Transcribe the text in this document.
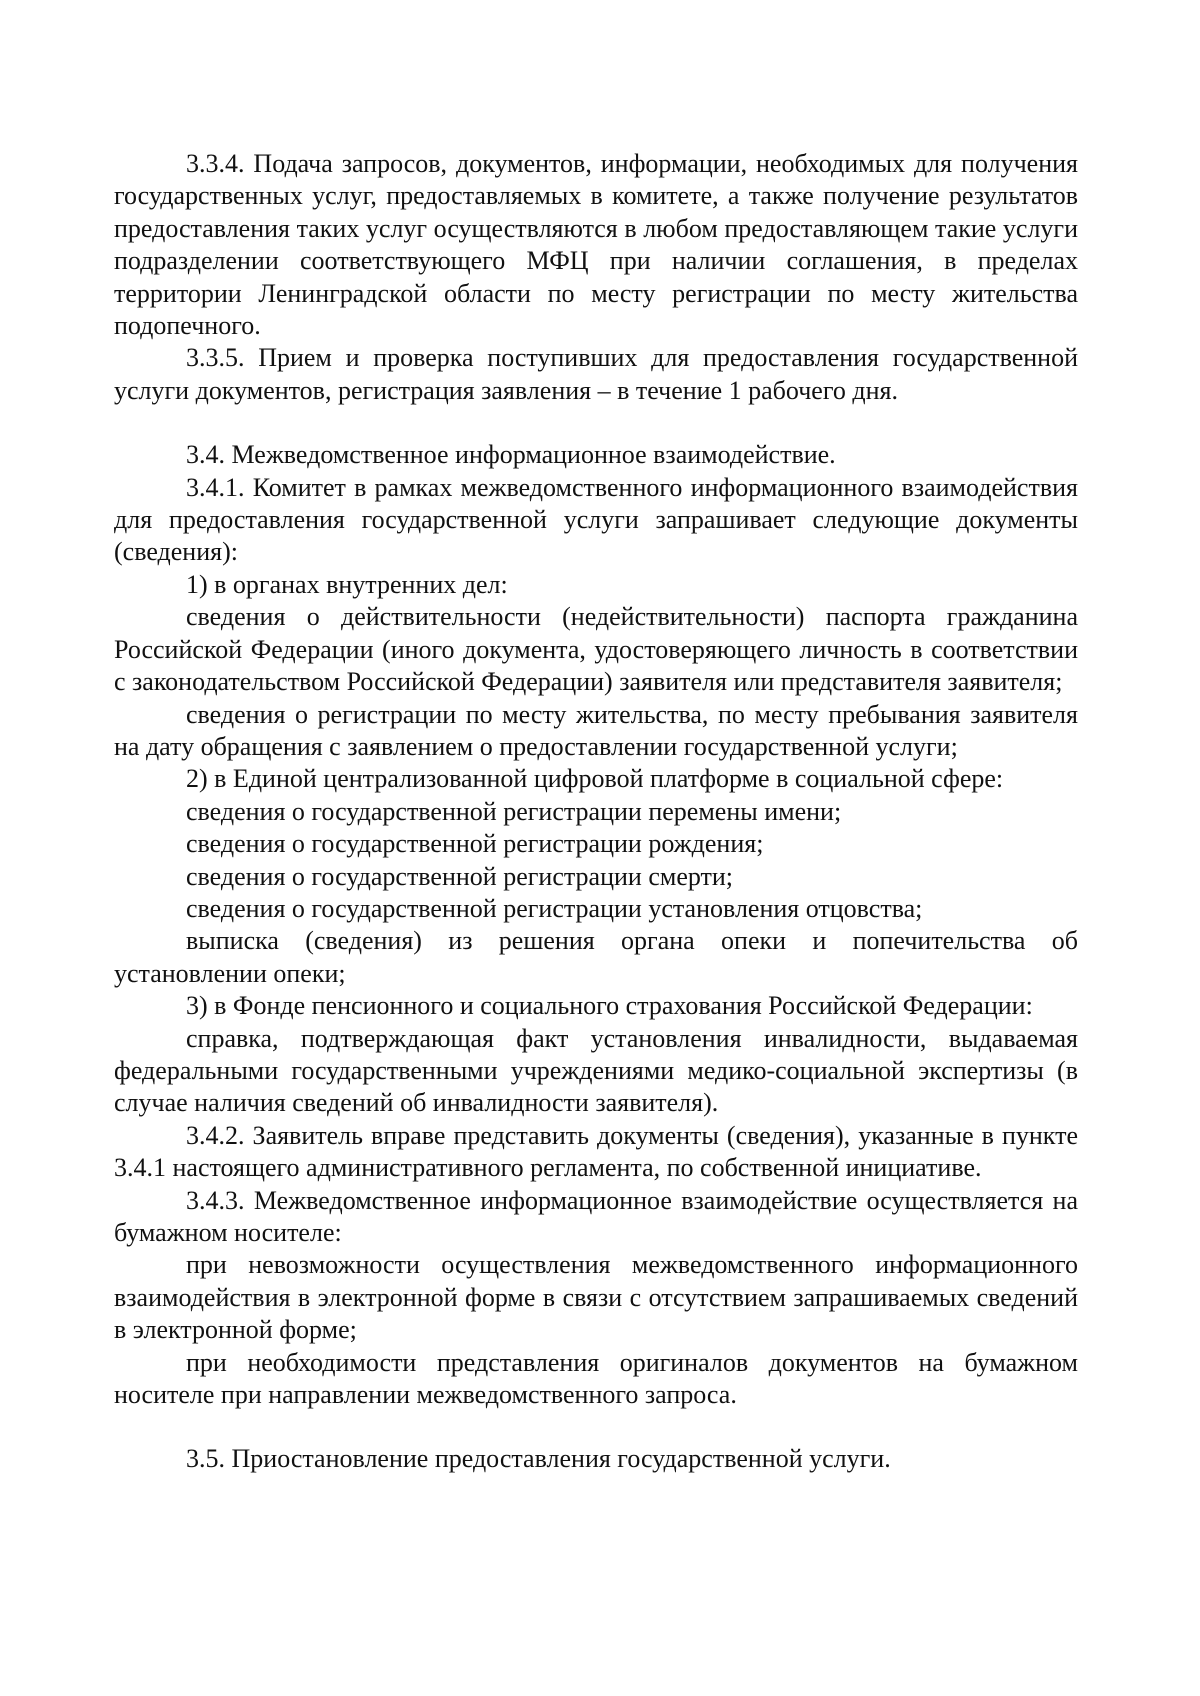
3.3.4. Подача запросов, документов, информации, необходимых для получения государственных услуг, предоставляемых в комитете, а также получение результатов предоставления таких услуг осуществляются в любом предоставляющем такие услуги подразделении соответствующего МФЦ при наличии соглашения, в пределах территории Ленинградской области по месту регистрации по месту жительства подопечного.

3.3.5. Прием и проверка поступивших для предоставления государственной услуги документов, регистрация заявления – в течение 1 рабочего дня.

3.4. Межведомственное информационное взаимодействие.

3.4.1. Комитет в рамках межведомственного информационного взаимодействия для предоставления государственной услуги запрашивает следующие документы (сведения):

1) в органах внутренних дел:

сведения о действительности (недействительности) паспорта гражданина Российской Федерации (иного документа, удостоверяющего личность в соответствии с законодательством Российской Федерации) заявителя или представителя заявителя;

сведения о регистрации по месту жительства, по месту пребывания заявителя на дату обращения с заявлением о предоставлении государственной услуги;

2) в Единой централизованной цифровой платформе в социальной сфере:

сведения о государственной регистрации перемены имени;

сведения о государственной регистрации рождения;

сведения о государственной регистрации смерти;

сведения о государственной регистрации установления отцовства;

выписка (сведения) из решения органа опеки и попечительства об установлении опеки;

3) в Фонде пенсионного и социального страхования Российской Федерации:

справка, подтверждающая факт установления инвалидности, выдаваемая федеральными государственными учреждениями медико-социальной экспертизы (в случае наличия сведений об инвалидности заявителя).

3.4.2. Заявитель вправе представить документы (сведения), указанные в пункте 3.4.1 настоящего административного регламента, по собственной инициативе.

3.4.3. Межведомственное информационное взаимодействие осуществляется на бумажном носителе:

при невозможности осуществления межведомственного информационного взаимодействия в электронной форме в связи с отсутствием запрашиваемых сведений в электронной форме;

при необходимости представления оригиналов документов на бумажном носителе при направлении межведомственного запроса.

3.5. Приостановление предоставления государственной услуги.
